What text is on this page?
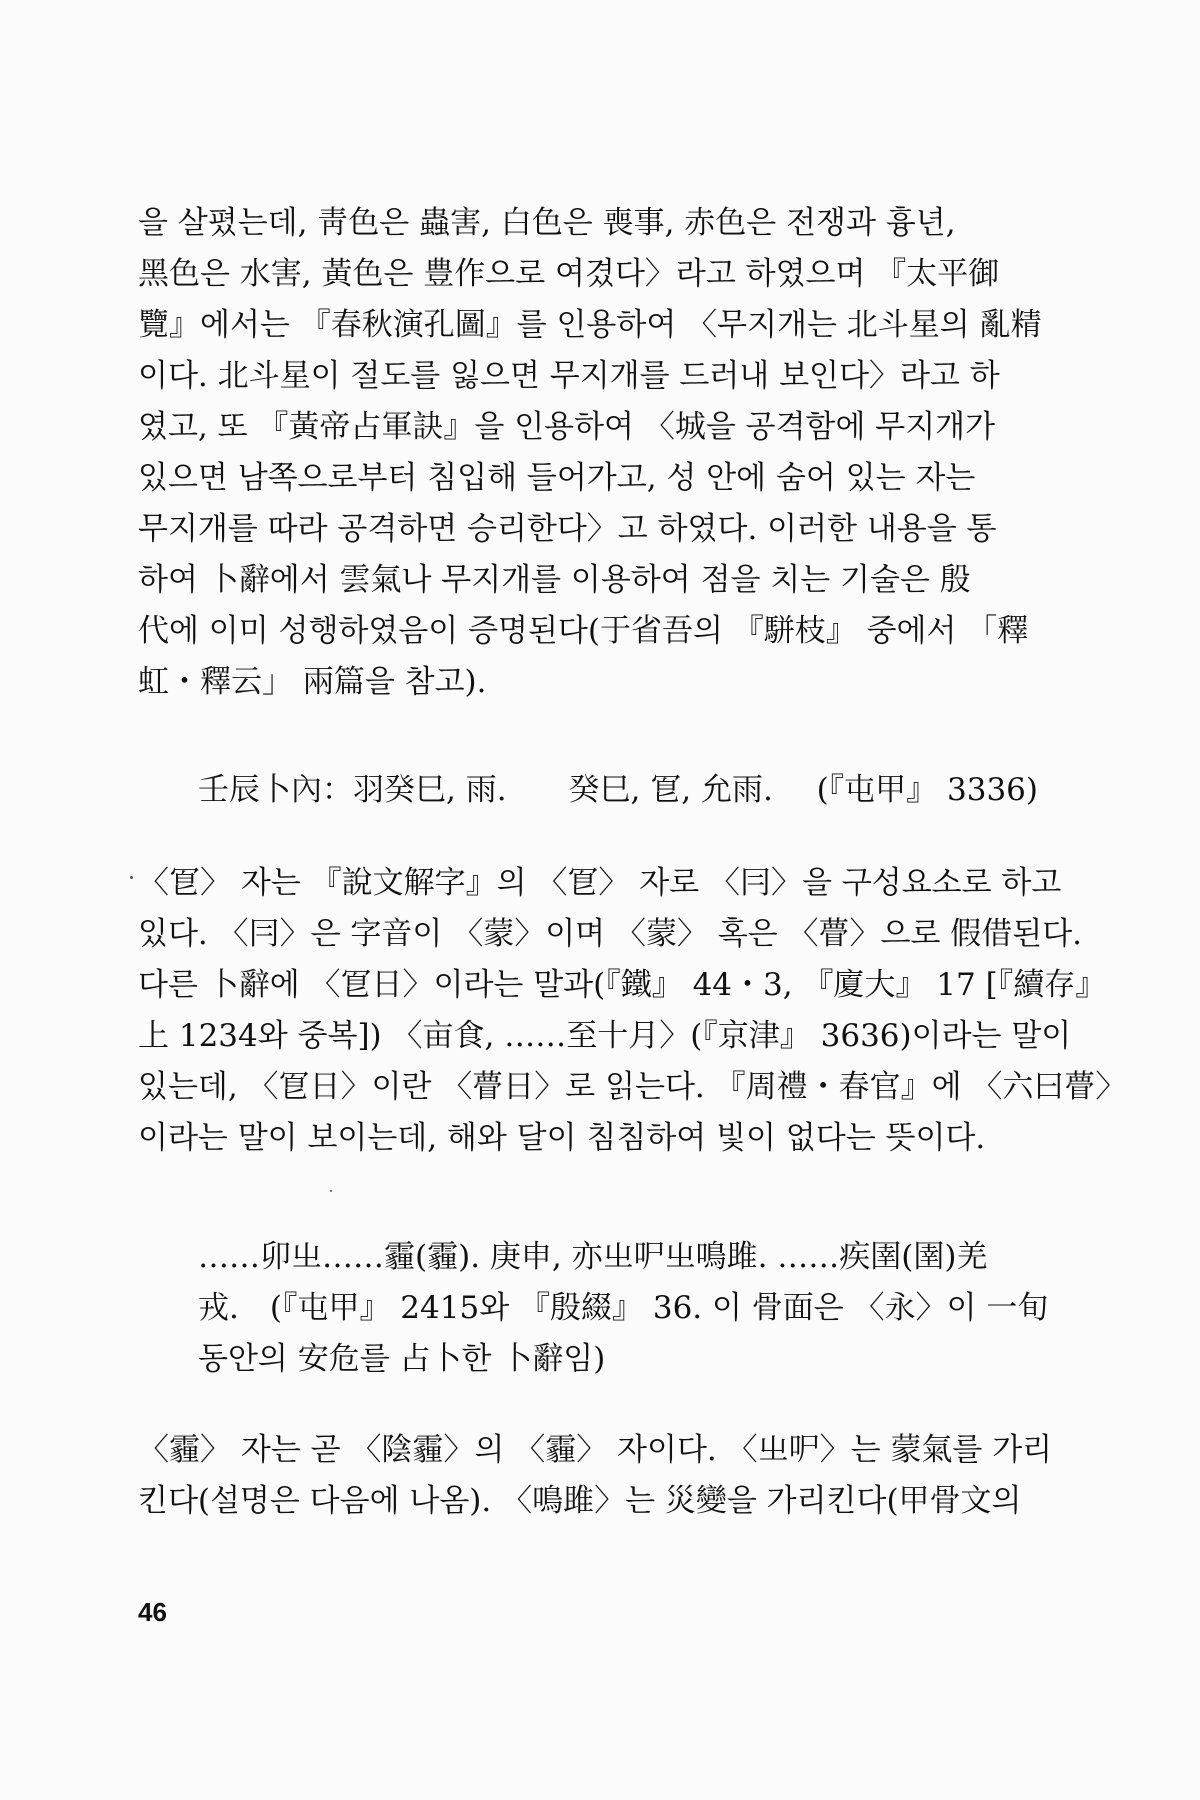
을 살폈는데, 靑色은 蟲害, 白色은 喪事, 赤色은 전쟁과 흉년,
黑色은 水害, 黃色은 豊作으로 여겼다〉라고 하였으며 『太平御
覽』에서는 『春秋演孔圖』를 인용하여 〈무지개는 北斗星의 亂精
이다. 北斗星이 절도를 잃으면 무지개를 드러내 보인다〉라고 하
였고, 또 『黃帝占軍訣』을 인용하여 〈城을 공격함에 무지개가
있으면 남쪽으로부터 침입해 들어가고, 성 안에 숨어 있는 자는
무지개를 따라 공격하면 승리한다〉고 하였다. 이러한 내용을 통
하여 卜辭에서 雲氣나 무지개를 이용하여 점을 치는 기술은 殷
代에 이미 성행하였음이 증명된다(于省吾의 『駢枝』 중에서 「釋
虹・釋云」 兩篇을 참고).
壬辰卜內：羽癸巳, 雨.　　癸巳, 冟, 允雨. (『屯甲』 3336)
〈冟〉 자는 『說文解字』의 〈冟〉 자로 〈冃〉을 구성요소로 하고
있다. 〈冃〉은 字音이 〈蒙〉이며 〈蒙〉 혹은 〈瞢〉으로 假借된다.
다른 卜辭에 〈冟日〉이라는 말과(『鐵』 44・3, 『廈大』 17 [『續存』
上 1234와 중복]) 〈亩食, ……至十月〉(『京津』 3636)이라는 말이
있는데, 〈冟日〉이란 〈瞢日〉로 읽는다. 『周禮・春官』에 〈六曰瞢〉
이라는 말이 보이는데, 해와 달이 침침하여 빛이 없다는 뜻이다.
……卯㞢……霾(霾). 庚申, 亦㞢㕧㞢鳴雎. ……疾圉(圉)羌
戎.　(『屯甲』 2415와 『殷綴』 36. 이 骨面은 〈永〉이 一旬
동안의 安危를 占卜한 卜辭임)
〈霾〉 자는 곧 〈陰霾〉의 〈霾〉 자이다. 〈㞢㕧〉는 蒙氣를 가리
킨다(설명은 다음에 나옴). 〈鳴雎〉는 災變을 가리킨다(甲骨文의
46
